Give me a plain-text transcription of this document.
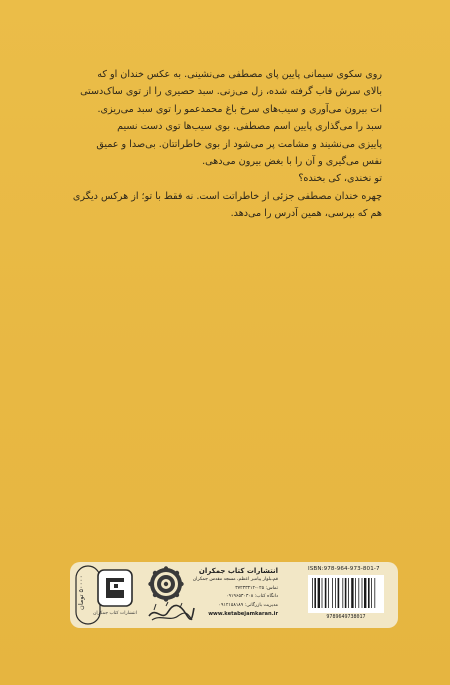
روی سکوی سیمانی پایین پای مصطفی می‌نشینی. به عکس خندان او که

بالای سرش قاب گرفته شده، زل می‌زنی. سبد حصیری را از توی ساک‌دستی

ات بیرون می‌آوری و سیب‌های سرخ باغ محمدعمو را توی سبد می‌ریزی.

سبد را می‌گذاری پایین اسم مصطفی. بوی سیب‌ها توی دست نسیم

پاییزی می‌نشیند و مشامت پر می‌شود از بوی خاطراتتان. بی‌صدا و عمیق

نفس می‌گیری و آن را با بغض بیرون می‌دهی.

تو نخندی، کی بخنده؟

چهره خندان مصطفی جزئی از خاطراتت است. نه فقط با تو؛ از هرکس دیگری

هم که بپرسی، همین آدرس را می‌دهد.

۵۰۰۰۰ تومان
انتشارات کتاب جمکران
انتشارات کتاب جمکران
قم‌ـ‌بلوار پیامبر اعظم، مسجد مقدس جمکران
تماس: ۰۲۵-۳۷۲۳۳۳۱۲
دانگاه کتاب: ۰۹۱۹۶۵۳۰۳۰۸
مدیریت بازرگانی: ۰۹۱۲۱۵۸۱۸۹
www.ketabejamkaran.ir
ISBN:978-964-973-801-7
9789649738017
